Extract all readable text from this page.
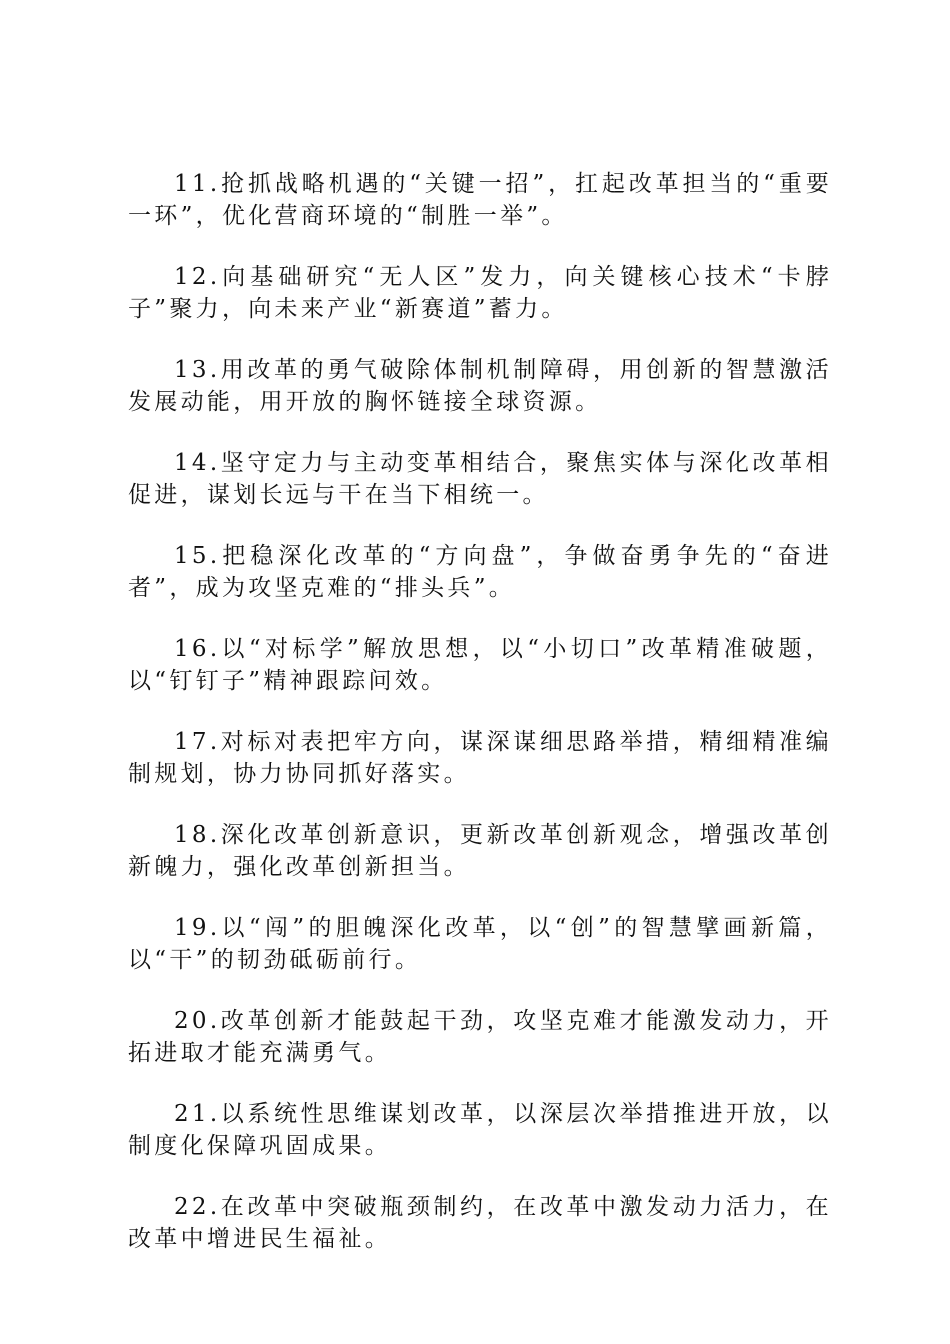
11.抢抓战略机遇的“关键一招”，扛起改革担当的“重要一环”，优化营商环境的“制胜一举”。

12.向基础研究“无人区”发力，向关键核心技术“卡脖子”聚力，向未来产业“新赛道”蓄力。

13.用改革的勇气破除体制机制障碍，用创新的智慧激活发展动能，用开放的胸怀链接全球资源。

14.坚守定力与主动变革相结合，聚焦实体与深化改革相促进，谋划长远与干在当下相统一。

15.把稳深化改革的“方向盘”，争做奋勇争先的“奋进者”，成为攻坚克难的“排头兵”。

16.以“对标学”解放思想，以“小切口”改革精准破题，以“钉钉子”精神跟踪问效。

17.对标对表把牢方向，谋深谋细思路举措，精细精准编制规划，协力协同抓好落实。

18.深化改革创新意识，更新改革创新观念，增强改革创新魄力，强化改革创新担当。

19.以“闯”的胆魄深化改革，以“创”的智慧擘画新篇，以“干”的韧劲砥砺前行。

20.改革创新才能鼓起干劲，攻坚克难才能激发动力，开拓进取才能充满勇气。

21.以系统性思维谋划改革，以深层次举措推进开放，以制度化保障巩固成果。

22.在改革中突破瓶颈制约，在改革中激发动力活力，在改革中增进民生福祉。
